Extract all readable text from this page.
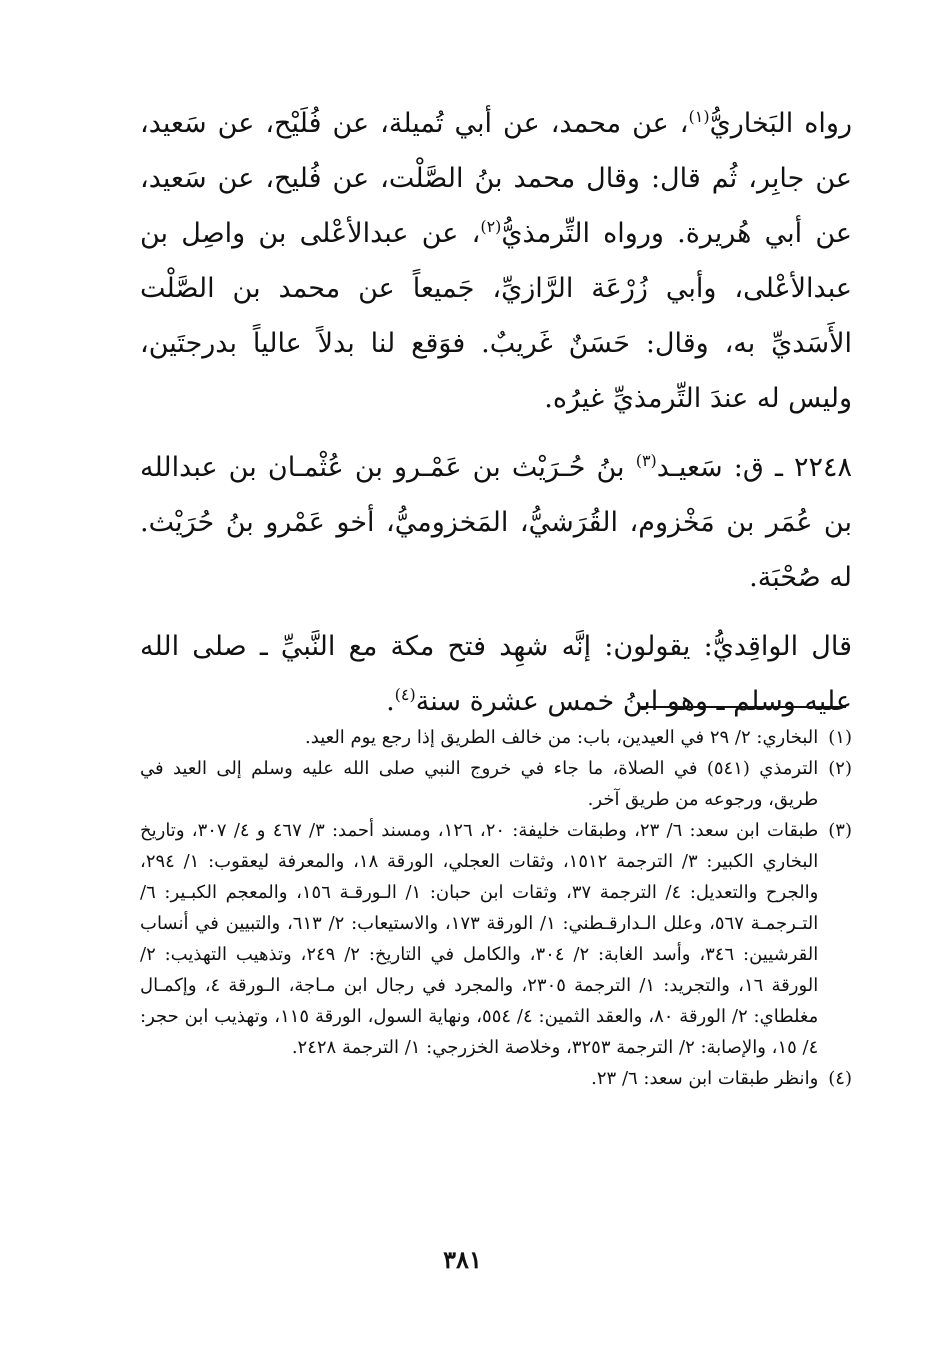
رواه البَخاريُّ$^{(١)}$، عن محمد، عن أبي تُميلة، عن فُلَيْح، عن سَعيد، عن جابِر، ثُم قال: وقال محمد بنُ الصَّلْت، عن فُليح، عن سَعيد، عن أبي هُريرة. ورواه التِّرمذيُّ$^{(٢)}$، عن عبدالأعْلى بن واصِل بن عبدالأعْلى، وأبي زُرْعَة الرَّازيِّ، جَميعاً عن محمد بن الصَّلْت الأَسَديِّ به، وقال: حَسَنٌ غَريبٌ. فوَقع لنا بدلاً عالياً بدرجتَين، وليس له عندَ التِّرمذيِّ غيرُه.

٢٢٤٨ ـ ق: سَعيـد$^{(٣)}$ بنُ حُـرَيْث بن عَمْـرو بن عُثْمـان بن عبدالله بن عُمَر بن مَخْزوم، القُرَشيُّ، المَخزوميُّ، أخو عَمْرو بنُ حُرَيْث. له صُحْبَة.

قال الواقِديُّ: يقولون: إنَّه شهِد فتح مكة مع النَّبيِّ ـ صلى الله عليه وسلم ـ وهو ابنُ خمس عشرة سنة$^{(٤)}$.

(١)
البخاري: ٢/ ٢٩ في العيدين، باب: من خالف الطريق إذا رجع يوم العيد.
(٢)
الترمذي (٥٤١) في الصلاة، ما جاء في خروج النبي صلى الله عليه وسلم إلى العيد في طريق، ورجوعه من طريق آخر.
(٣)
طبقات ابن سعد: ٦/ ٢٣، وطبقات خليفة: ٢٠، ١٢٦، ومسند أحمد: ٣/ ٤٦٧ و ٤/ ٣٠٧، وتاريخ البخاري الكبير: ٣/ الترجمة ١٥١٢، وثقات العجلي، الورقة ١٨، والمعرفة ليعقوب: ١/ ٢٩٤، والجرح والتعديل: ٤/ الترجمة ٣٧، وثقات ابن حبان: ١/ الـورقـة ١٥٦، والمعجم الكبـير: ٦/ التـرجمـة ٥٦٧، وعلل الـدارقـطني: ١/ الورقة ١٧٣، والاستيعاب: ٢/ ٦١٣، والتبيين في أنساب القرشيين: ٣٤٦، وأسد الغابة: ٢/ ٣٠٤، والكامل في التاريخ: ٢/ ٢٤٩، وتذهيب التهذيب: ٢/ الورقة ١٦، والتجريد: ١/ الترجمة ٢٣٠٥، والمجرد في رجال ابن مـاجة، الـورقة ٤، وإكمـال مغلطاي: ٢/ الورقة ٨٠، والعقد الثمين: ٤/ ٥٥٤، ونهاية السول، الورقة ١١٥، وتهذيب ابن حجر: ٤/ ١٥، والإصابة: ٢/ الترجمة ٣٢٥٣، وخلاصة الخزرجي: ١/ الترجمة ٢٤٢٨.
(٤)
وانظر طبقات ابن سعد: ٦/ ٢٣.
٣٨١
